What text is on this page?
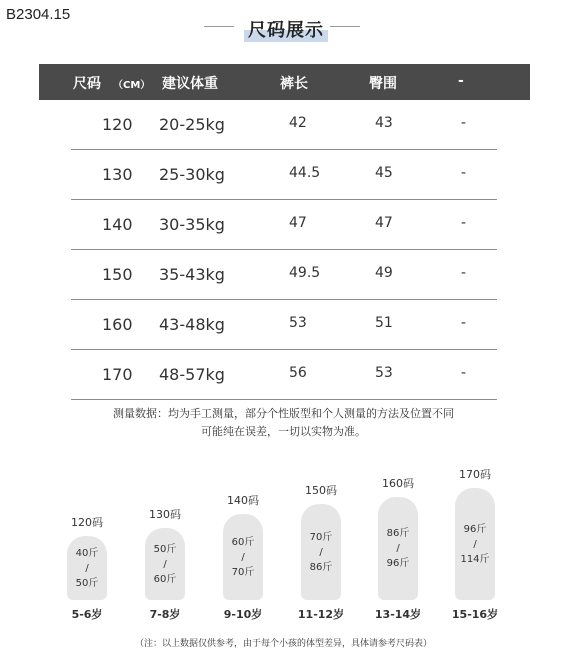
B2304.15
尺码展示
尺码 （CM） 建议体重	裤长	臀围	-
120 20-25kg	42	43	-
130 25-30kg	44.5	45	-
140 30-35kg	47	47	-
150 35-43kg	49.5	49	-
160 43-48kg	53	51	-
170 48-57kg	56	53	-
测量数据：均为手工测量，部分个性版型和个人测量的方法及位置不同
可能纯在误差，一切以实物为准。
120码
40斤
/
50斤
5-6岁
130码
50斤
/
60斤
7-8岁
140码
60斤
/
70斤
9-10岁
150码
70斤
/
86斤
11-12岁
160码
86斤
/
96斤
13-14岁
170码
96斤
/
114斤
15-16岁
（注：以上数据仅供参考，由于每个小孩的体型差异，具体请参考尺码表）
